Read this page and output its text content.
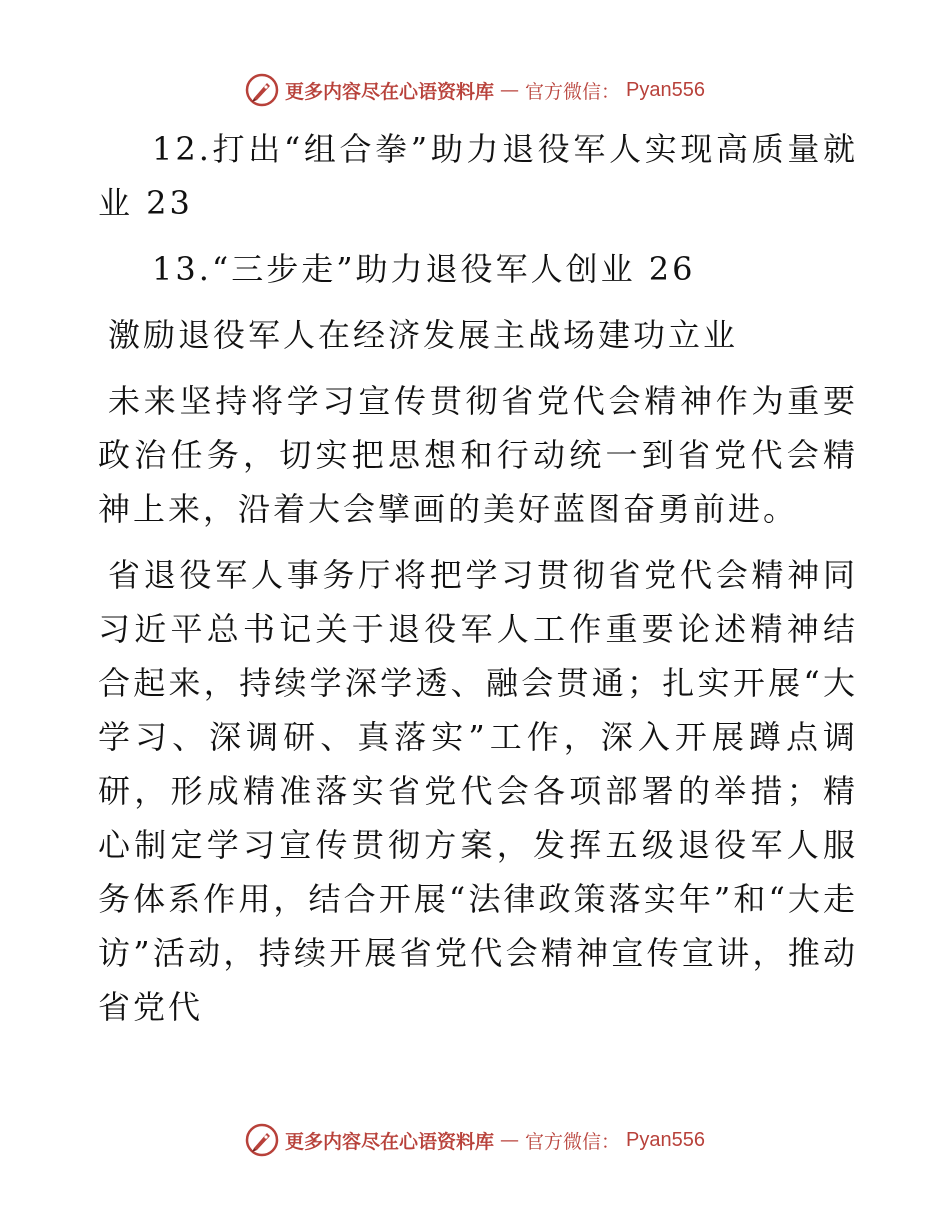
更多内容尽在心语资料库 — 官方微信： Pyan556

12.打出“组合拳”助力退役军人实现高质量就业 23

13.“三步走”助力退役军人创业 26

激励退役军人在经济发展主战场建功立业

未来坚持将学习宣传贯彻省党代会精神作为重要政治任务，切实把思想和行动统一到省党代会精神上来，沿着大会擘画的美好蓝图奋勇前进。

省退役军人事务厅将把学习贯彻省党代会精神同习近平总书记关于退役军人工作重要论述精神结合起来，持续学深学透、融会贯通；扎实开展“大学习、深调研、真落实”工作，深入开展蹲点调研，形成精准落实省党代会各项部署的举措；精心制定学习宣传贯彻方案，发挥五级退役军人服务体系作用，结合开展“法律政策落实年”和“大走访”活动，持续开展省党代会精神宣传宣讲，推动省党代

更多内容尽在心语资料库 — 官方微信： Pyan556
